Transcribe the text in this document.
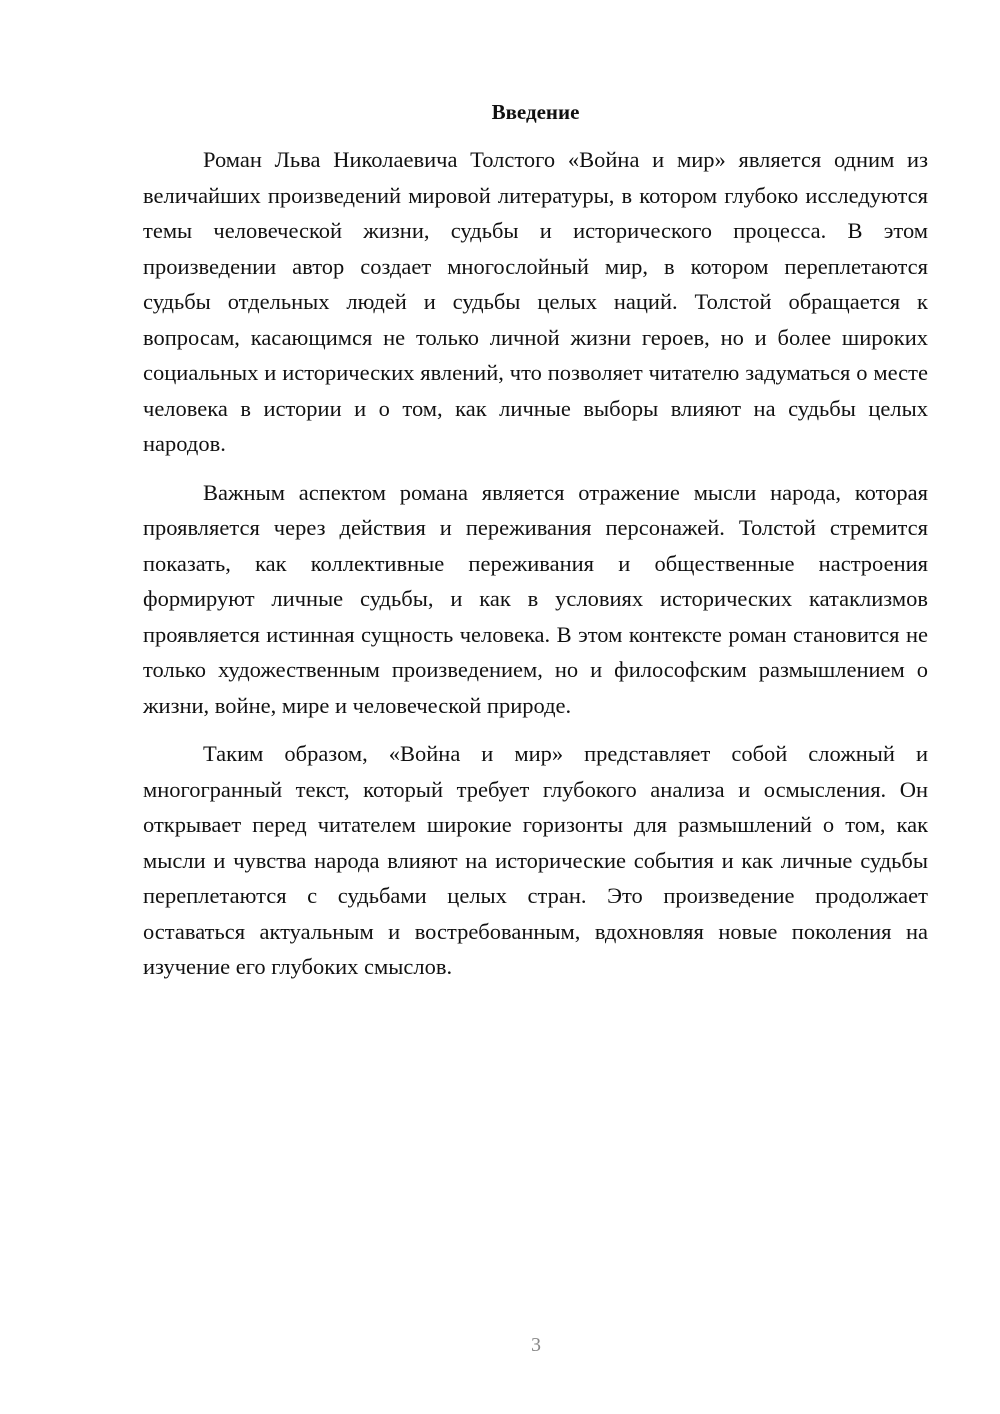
Введение

Роман Льва Николаевича Толстого «Война и мир» является одним из величайших произведений мировой литературы, в котором глубоко исследуются темы человеческой жизни, судьбы и исторического процесса. В этом произведении автор создает многослойный мир, в котором переплетаются судьбы отдельных людей и судьбы целых наций. Толстой обращается к вопросам, касающимся не только личной жизни героев, но и более широких социальных и исторических явлений, что позволяет читателю задуматься о месте человека в истории и о том, как личные выборы влияют на судьбы целых народов.

Важным аспектом романа является отражение мысли народа, которая проявляется через действия и переживания персонажей. Толстой стремится показать, как коллективные переживания и общественные настроения формируют личные судьбы, и как в условиях исторических катаклизмов проявляется истинная сущность человека. В этом контексте роман становится не только художественным произведением, но и философским размышлением о жизни, войне, мире и человеческой природе.

Таким образом, «Война и мир» представляет собой сложный и многогранный текст, который требует глубокого анализа и осмысления. Он открывает перед читателем широкие горизонты для размышлений о том, как мысли и чувства народа влияют на исторические события и как личные судьбы переплетаются с судьбами целых стран. Это произведение продолжает оставаться актуальным и востребованным, вдохновляя новые поколения на изучение его глубоких смыслов.

3
